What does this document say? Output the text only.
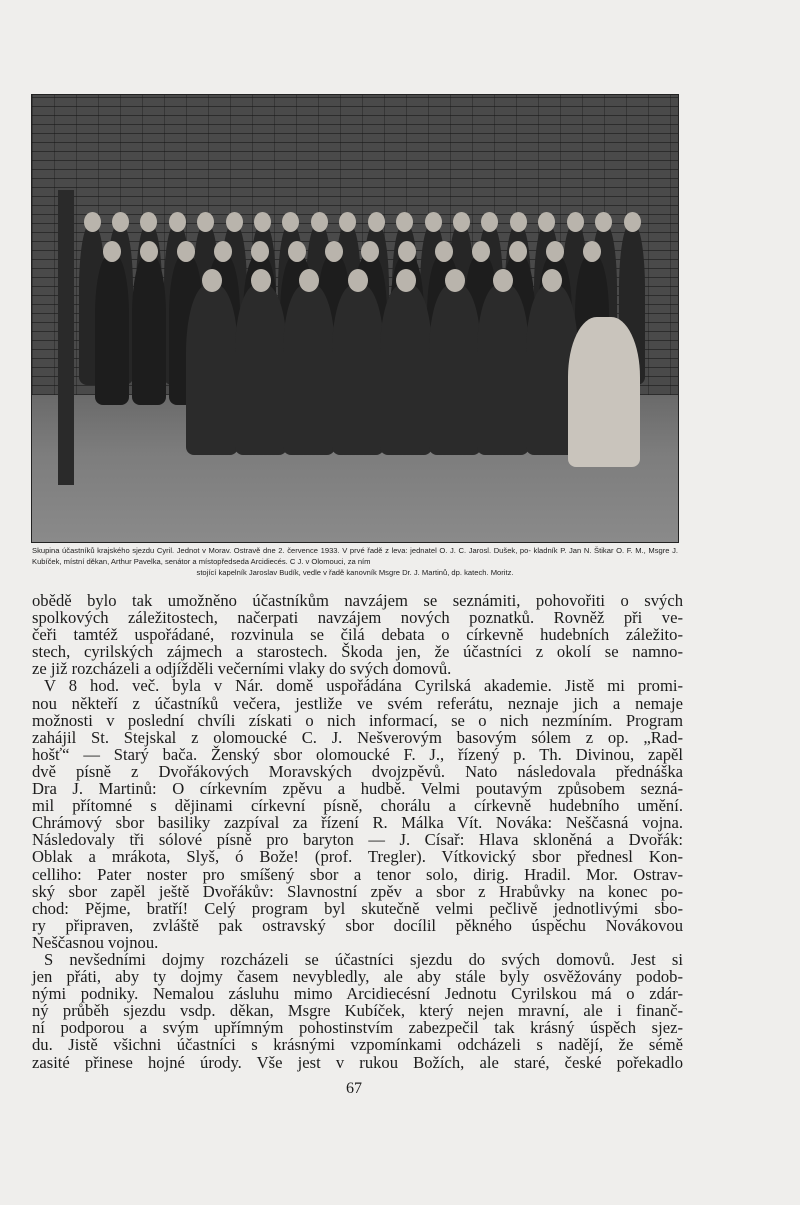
Skupina účastníků krajského sjezdu Cyril. Jednot v Morav. Ostravě dne 2. července 1933. V prvé řadě z leva: jednatel O. J. C. Jarosl. Dušek, po- kladník P. Jan N. Štikar O. F. M., Msgre J. Kubíček, místní děkan, Arthur Pavelka, senátor a místopředseda Arcidiecés. C J. v Olomouci, za ním
stojící kapelník Jaroslav Budík, vedle v řadě kanovník Msgre Dr. J. Martinů, dp. katech. Moritz.
obědě bylo tak umožněno účastníkům navzájem se seznámiti, pohovořiti o svých
spolkových záležitostech, načerpati navzájem nových poznatků. Rovněž při ve-
čeři tamtéž uspořádané, rozvinula se čilá debata o církevně hudebních záležito-
stech, cyrilských zájmech a starostech. Škoda jen, že účastníci z okolí se namno-
ze již rozcházeli a odjížděli večerními vlaky do svých domovů.
V 8 hod. več. byla v Nár. domě uspořádána Cyrilská akademie. Jistě mi promi-
nou někteří z účastníků večera, jestliže ve svém referátu, neznaje jich a nemaje
možnosti v poslední chvíli získati o nich informací, se o nich nezmíním. Program
zahájil St. Stejskal z olomoucké C. J. Nešverovým basovým sólem z op. „Rad-
hošť“ — Starý bača. Ženský sbor olomoucké F. J., řízený p. Th. Divinou, zapěl
dvě písně z Dvořákových Moravských dvojzpěvů. Nato následovala přednáška
Dra J. Martinů: O církevním zpěvu a hudbě. Velmi poutavým způsobem sezná-
mil přítomné s dějinami církevní písně, chorálu a církevně hudebního umění.
Chrámový sbor basiliky zazpíval za řízení R. Málka Vít. Nováka: Neščasná vojna.
Následovaly tři sólové písně pro baryton — J. Císař: Hlava skloněná a Dvořák:
Oblak a mrákota, Slyš, ó Bože! (prof. Tregler). Vítkovický sbor přednesl Kon-
celliho: Pater noster pro smíšený sbor a tenor solo, dirig. Hradil. Mor. Ostrav-
ský sbor zapěl ještě Dvořákův: Slavnostní zpěv a sbor z Hrabůvky na konec po-
chod: Pějme, bratří! Celý program byl skutečně velmi pečlivě jednotlivými sbo-
ry připraven, zvláště pak ostravský sbor docílil pěkného úspěchu Novákovou
Neščasnou vojnou.
S nevšedními dojmy rozcházeli se účastníci sjezdu do svých domovů. Jest si
jen přáti, aby ty dojmy časem nevybledly, ale aby stále byly osvěžovány podob-
nými podniky. Nemalou zásluhu mimo Arcidiecésní Jednotu Cyrilskou má o zdár-
ný průběh sjezdu vsdp. děkan, Msgre Kubíček, který nejen mravní, ale i finanč-
ní podporou a svým upřímným pohostinstvím zabezpečil tak krásný úspěch sjez-
du. Jistě všichni účastníci s krásnými vzpomínkami odcházeli s nadějí, že sémě
zasité přinese hojné úrody. Vše jest v rukou Božích, ale staré, české pořekadlo
67
